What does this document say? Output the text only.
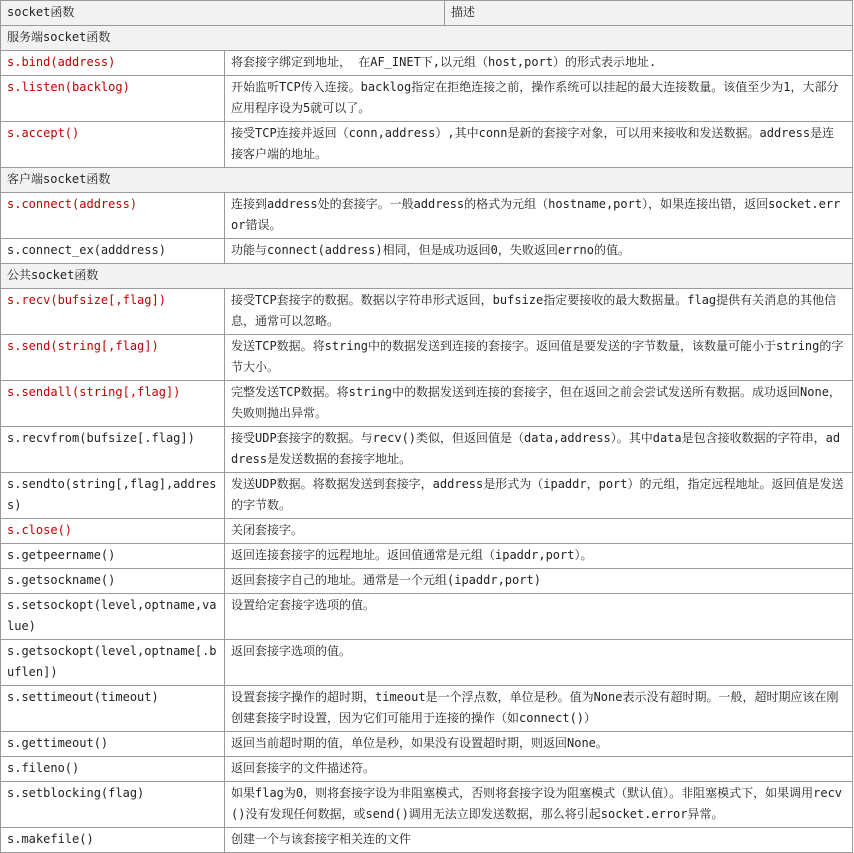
socket函数		描述
服务端socket函数		
s.bind(address)	将套接字绑定到地址， 在AF_INET下,以元组（host,port）的形式表示地址.	
s.listen(backlog)	开始监听TCP传入连接。backlog指定在拒绝连接之前，操作系统可以挂起的最大连接数量。该值至少为1，大部分应用程序设为5就可以了。	
s.accept()	接受TCP连接并返回（conn,address）,其中conn是新的套接字对象，可以用来接收和发送数据。address是连接客户端的地址。	
客户端socket函数		
s.connect(address)	连接到address处的套接字。一般address的格式为元组（hostname,port），如果连接出错，返回socket.error错误。	
s.connect_ex(adddress)	功能与connect(address)相同，但是成功返回0，失败返回errno的值。	
公共socket函数		
s.recv(bufsize[,flag])	接受TCP套接字的数据。数据以字符串形式返回，bufsize指定要接收的最大数据量。flag提供有关消息的其他信息，通常可以忽略。	
s.send(string[,flag])	发送TCP数据。将string中的数据发送到连接的套接字。返回值是要发送的字节数量，该数量可能小于string的字节大小。	
s.sendall(string[,flag])	完整发送TCP数据。将string中的数据发送到连接的套接字，但在返回之前会尝试发送所有数据。成功返回None，失败则抛出异常。	
s.recvfrom(bufsize[.flag])	接受UDP套接字的数据。与recv()类似，但返回值是（data,address）。其中data是包含接收数据的字符串，address是发送数据的套接字地址。	
s.sendto(string[,flag],address)	发送UDP数据。将数据发送到套接字，address是形式为（ipaddr，port）的元组，指定远程地址。返回值是发送的字节数。	
s.close()	关闭套接字。	
s.getpeername()	返回连接套接字的远程地址。返回值通常是元组（ipaddr,port）。	
s.getsockname()	返回套接字自己的地址。通常是一个元组(ipaddr,port)	
s.setsockopt(level,optname,value)	设置给定套接字选项的值。	
s.getsockopt(level,optname[.buflen])	返回套接字选项的值。	
s.settimeout(timeout)	设置套接字操作的超时期，timeout是一个浮点数，单位是秒。值为None表示没有超时期。一般，超时期应该在刚创建套接字时设置，因为它们可能用于连接的操作（如connect()）	
s.gettimeout()	返回当前超时期的值，单位是秒，如果没有设置超时期，则返回None。	
s.fileno()	返回套接字的文件描述符。	
s.setblocking(flag)	如果flag为0，则将套接字设为非阻塞模式，否则将套接字设为阻塞模式（默认值）。非阻塞模式下，如果调用recv()没有发现任何数据，或send()调用无法立即发送数据，那么将引起socket.error异常。	
s.makefile()	创建一个与该套接字相关连的文件	
